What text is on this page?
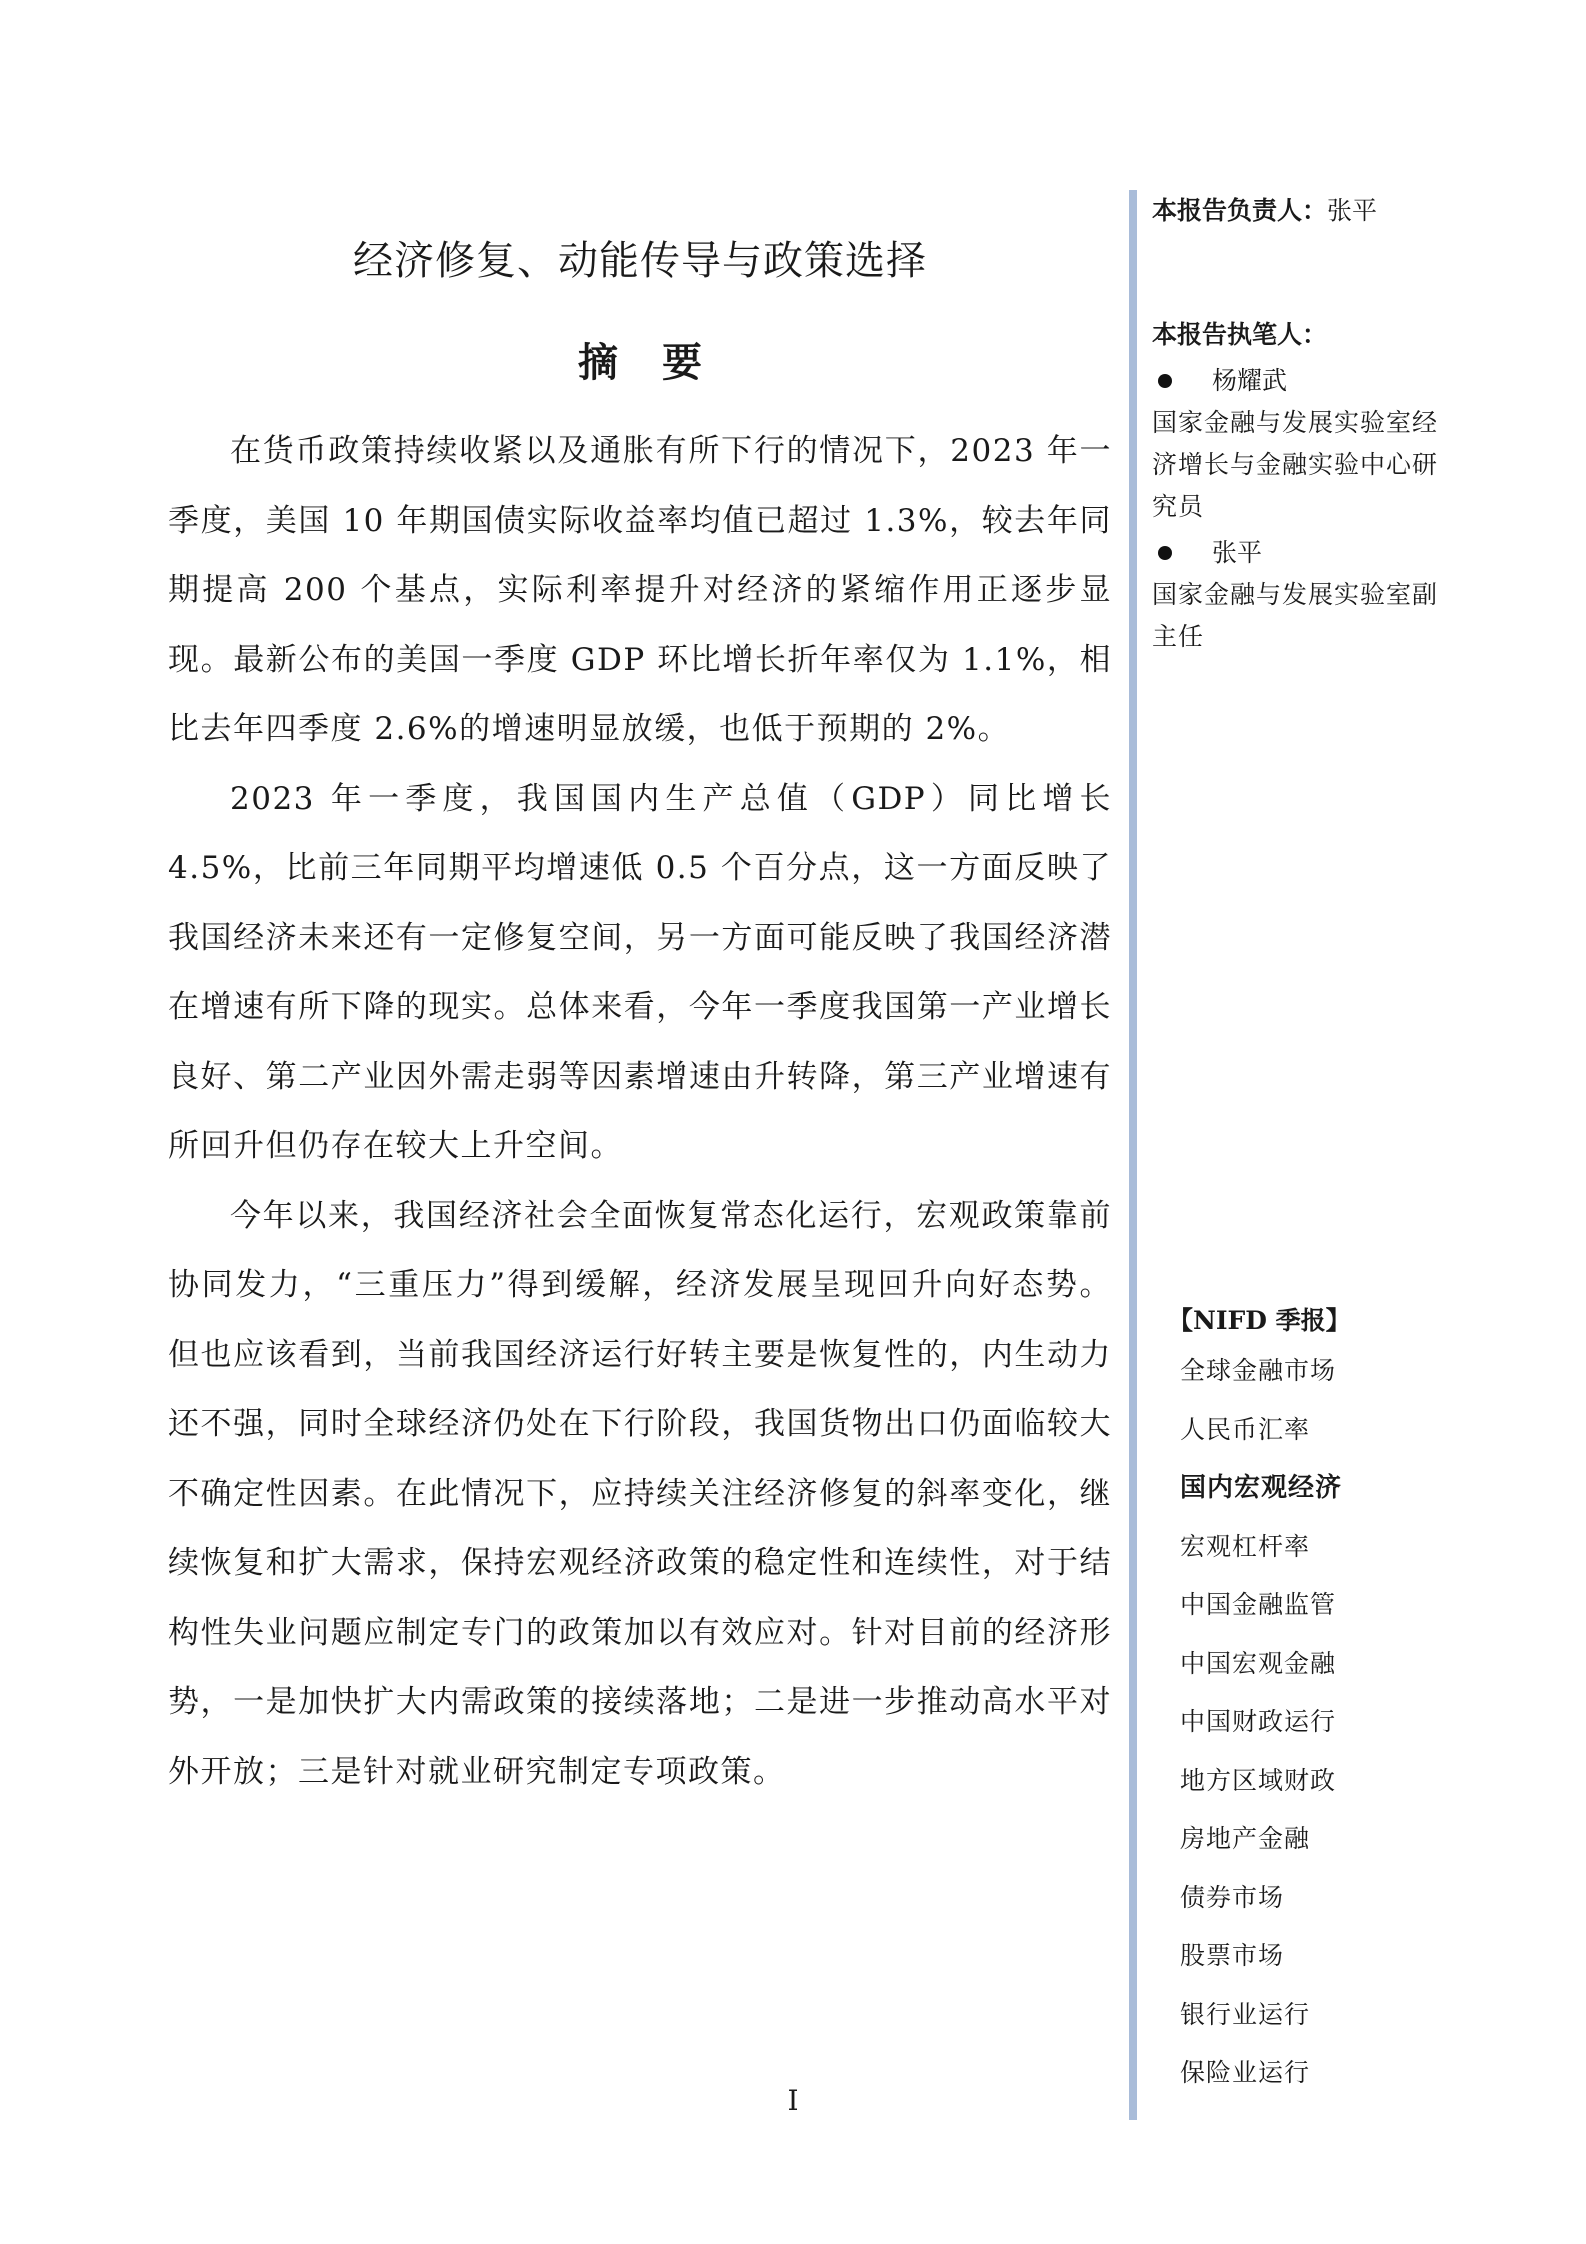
经济修复、动能传导与政策选择
摘要

在货币政策持续收紧以及通胀有所下行的情况下，2023 年一季度，美国 10 年期国债实际收益率均值已超过 1.3%，较去年同期提高 200 个基点，实际利率提升对经济的紧缩作用正逐步显现。最新公布的美国一季度 GDP 环比增长折年率仅为 1.1%，相比去年四季度 2.6%的增速明显放缓，也低于预期的 2%。

2023 年一季度，我国国内生产总值（GDP）同比增长 4.5%，比前三年同期平均增速低 0.5 个百分点，这一方面反映了我国经济未来还有一定修复空间，另一方面可能反映了我国经济潜在增速有所下降的现实。总体来看，今年一季度我国第一产业增长良好、第二产业因外需走弱等因素增速由升转降，第三产业增速有所回升但仍存在较大上升空间。

今年以来，我国经济社会全面恢复常态化运行，宏观政策靠前协同发力，“三重压力”得到缓解，经济发展呈现回升向好态势。但也应该看到，当前我国经济运行好转主要是恢复性的，内生动力还不强，同时全球经济仍处在下行阶段，我国货物出口仍面临较大不确定性因素。在此情况下，应持续关注经济修复的斜率变化，继续恢复和扩大需求，保持宏观经济政策的稳定性和连续性，对于结构性失业问题应制定专门的政策加以有效应对。针对目前的经济形势，一是加快扩大内需政策的接续落地；二是进一步推动高水平对外开放；三是针对就业研究制定专项政策。

本报告负责人：张平
本报告执笔人：
杨耀武
国家金融与发展实验室经济增长与金融实验中心研究员
张平
国家金融与发展实验室副主任
【NIFD 季报】
全球金融市场
人民币汇率
国内宏观经济
宏观杠杆率
中国金融监管
中国宏观金融
中国财政运行
地方区域财政
房地产金融
债券市场
股票市场
银行业运行
保险业运行
I
